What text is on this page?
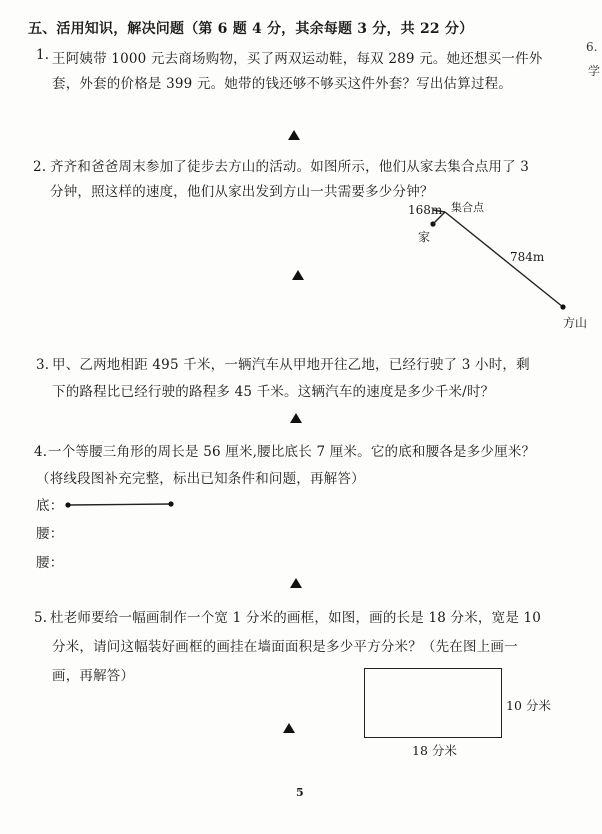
五、活用知识，解决问题（第 6 题 4 分，其余每题 3 分，共 22 分）
6.
学
1. 王阿姨带 1000 元去商场购物，买了两双运动鞋，每双 289 元。她还想买一件外
套，外套的价格是 399 元。她带的钱还够不够买这件外套？写出估算过程。
2. 齐齐和爸爸周末参加了徒步去方山的活动。如图所示，他们从家去集合点用了 3
分钟，照这样的速度，他们从家出发到方山一共需要多少分钟？
168m 集合点
家
784m
方山
3. 甲、乙两地相距 495 千米，一辆汽车从甲地开往乙地，已经行驶了 3 小时，剩
下的路程比已经行驶的路程多 45 千米。这辆汽车的速度是多少千米/时？
4. 一个等腰三角形的周长是 56 厘米,腰比底长 7 厘米。它的底和腰各是多少厘米？
（将线段图补充完整，标出已知条件和问题，再解答）
底：
腰：
腰：
5. 杜老师要给一幅画制作一个宽 1 分米的画框，如图，画的长是 18 分米，宽是 10
分米，请问这幅装好画框的画挂在墙面面积是多少平方分米？（先在图上画一
画，再解答）
10 分米
18 分米
5
